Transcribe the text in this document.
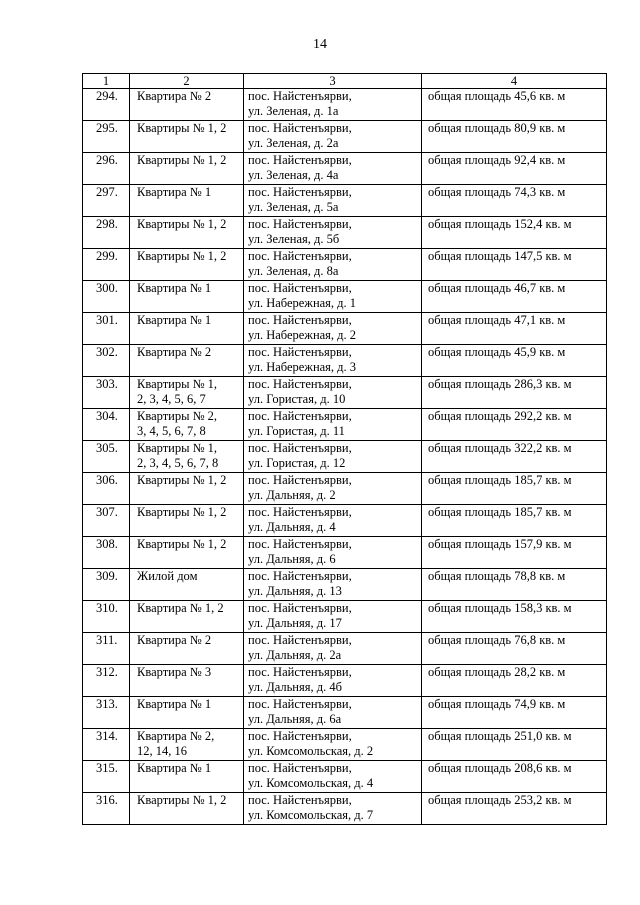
14
1	2	3	4
294.	Квартира № 2	пос. Найстенъярви,
ул. Зеленая, д. 1а	общая площадь 45,6 кв. м
295.	Квартиры № 1, 2	пос. Найстенъярви,
ул. Зеленая, д. 2а	общая площадь 80,9 кв. м
296.	Квартиры № 1, 2	пос. Найстенъярви,
ул. Зеленая, д. 4а	общая площадь 92,4 кв. м
297.	Квартира № 1	пос. Найстенъярви,
ул. Зеленая, д. 5а	общая площадь 74,3 кв. м
298.	Квартиры № 1, 2	пос. Найстенъярви,
ул. Зеленая, д. 5б	общая площадь 152,4 кв. м
299.	Квартиры № 1, 2	пос. Найстенъярви,
ул. Зеленая, д. 8а	общая площадь 147,5 кв. м
300.	Квартира № 1	пос. Найстенъярви,
ул. Набережная, д. 1	общая площадь 46,7 кв. м
301.	Квартира № 1	пос. Найстенъярви,
ул. Набережная, д. 2	общая площадь 47,1 кв. м
302.	Квартира № 2	пос. Найстенъярви,
ул. Набережная, д. 3	общая площадь 45,9 кв. м
303.	Квартиры № 1,
2, 3, 4, 5, 6, 7	пос. Найстенъярви,
ул. Гористая, д. 10	общая площадь 286,3 кв. м
304.	Квартиры № 2,
3, 4, 5, 6, 7, 8	пос. Найстенъярви,
ул. Гористая, д. 11	общая площадь 292,2 кв. м
305.	Квартиры № 1,
2, 3, 4, 5, 6, 7, 8	пос. Найстенъярви,
ул. Гористая, д. 12	общая площадь 322,2 кв. м
306.	Квартиры № 1, 2	пос. Найстенъярви,
ул. Дальняя, д. 2	общая площадь 185,7 кв. м
307.	Квартиры № 1, 2	пос. Найстенъярви,
ул. Дальняя, д. 4	общая площадь 185,7 кв. м
308.	Квартиры № 1, 2	пос. Найстенъярви,
ул. Дальняя, д. 6	общая площадь 157,9 кв. м
309.	Жилой дом	пос. Найстенъярви,
ул. Дальняя, д. 13	общая площадь 78,8 кв. м
310.	Квартира № 1, 2	пос. Найстенъярви,
ул. Дальняя, д. 17	общая площадь 158,3 кв. м
311.	Квартира № 2	пос. Найстенъярви,
ул. Дальняя, д. 2а	общая площадь 76,8 кв. м
312.	Квартира № 3	пос. Найстенъярви,
ул. Дальняя, д. 4б	общая площадь 28,2 кв. м
313.	Квартира № 1	пос. Найстенъярви,
ул. Дальняя, д. 6а	общая площадь 74,9 кв. м
314.	Квартира № 2,
12, 14, 16	пос. Найстенъярви,
ул. Комсомольская, д. 2	общая площадь 251,0 кв. м
315.	Квартира № 1	пос. Найстенъярви,
ул. Комсомольская, д. 4	общая площадь 208,6 кв. м
316.	Квартиры № 1, 2	пос. Найстенъярви,
ул. Комсомольская, д. 7	общая площадь 253,2 кв. м
